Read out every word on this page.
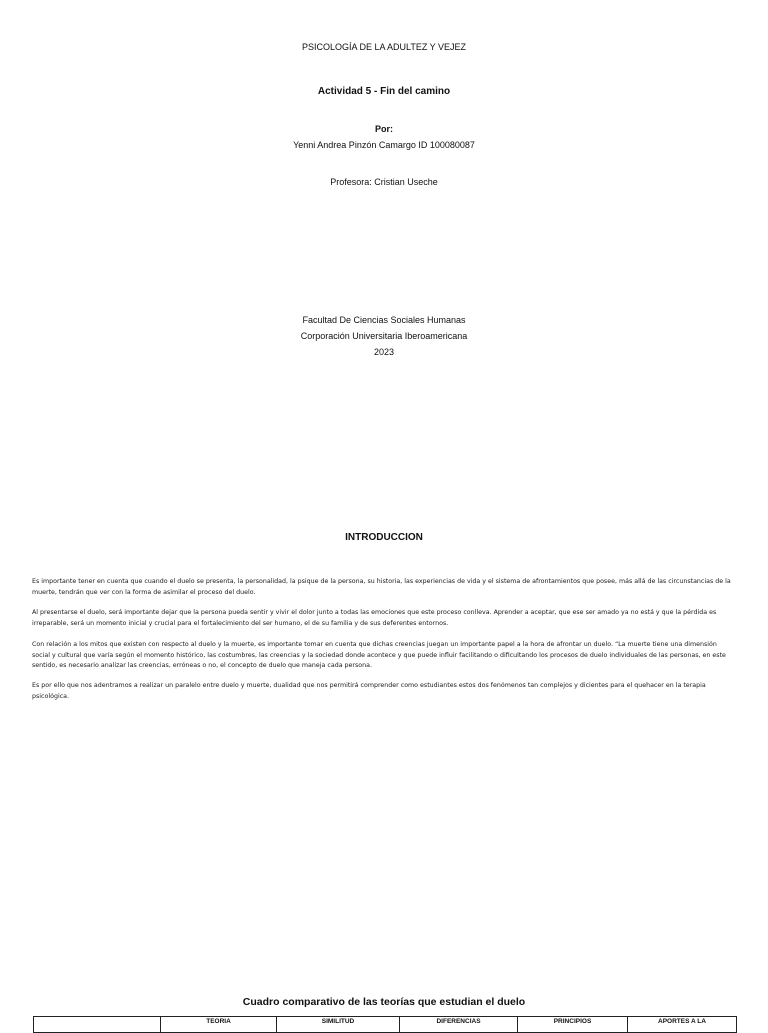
PSICOLOGÍA DE LA ADULTEZ Y VEJEZ
Actividad 5 - Fin del camino
Por:
Yenni Andrea Pinzón Camargo ID 100080087
Profesora: Cristian Useche
Facultad De Ciencias Sociales Humanas
Corporación Universitaria Iberoamericana
2023
INTRODUCCION
Es importante tener en cuenta que cuando el duelo se presenta, la personalidad, la psique de la persona, su historia, las experiencias de vida y el sistema de afrontamientos que posee, más allá de las circunstancias de la muerte, tendrán que ver con la forma de asimilar el proceso del duelo.
Al presentarse el duelo, será importante dejar que la persona pueda sentir y vivir el dolor junto a todas las emociones que este proceso conlleva. Aprender a aceptar, que ese ser amado ya no está y que la pérdida es irreparable, será un momento inicial y crucial para el fortalecimiento del ser humano, el de su familia y de sus deferentes entornos.
Con relación a los mitos que existen con respecto al duelo y la muerte, es importante tomar en cuenta que dichas creencias juegan un importante papel a la hora de afrontar un duelo. “La muerte tiene una dimensión social y cultural que varía según el momento histórico, las costumbres, las creencias y la sociedad donde acontece y que puede influir facilitando o dificultando los procesos de duelo individuales de las personas, en este sentido, es necesario analizar las creencias, erróneas o no, el concepto de duelo que maneja cada persona.
Es por ello que nos adentramos a realizar un paralelo entre duelo y muerte, dualidad que nos permitirá comprender como estudiantes estos dos fenómenos tan complejos y dicientes para el quehacer en la terapia psicológica.
Cuadro comparativo de las teorías que estudian el duelo
	TEORIA	SIMILITUD	DIFERENCIAS	PRINCIPIOS	APORTES A LA
